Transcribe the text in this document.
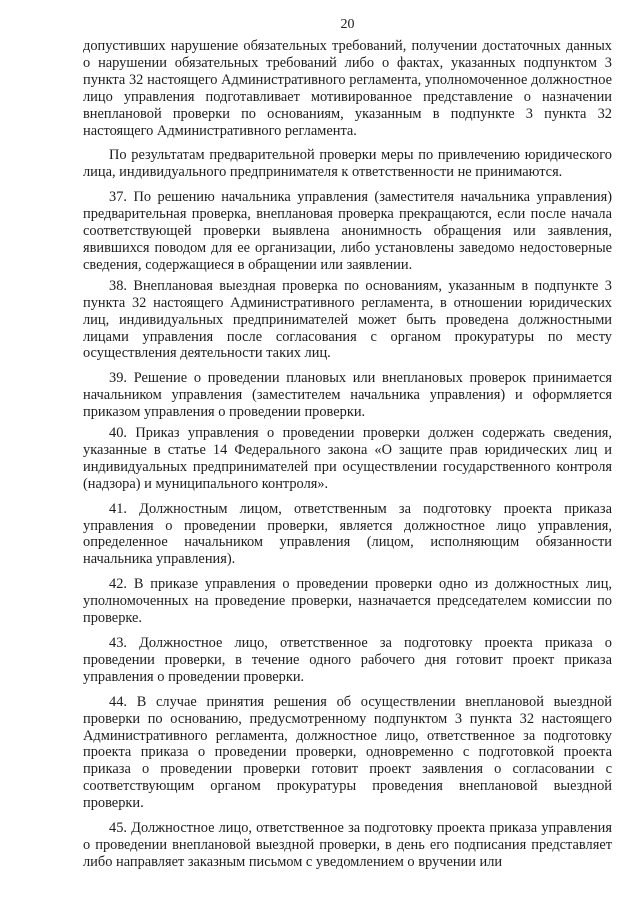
20

допустивших нарушение обязательных требований, получении достаточных данных о нарушении обязательных требований либо о фактах, указанных подпунктом 3 пункта 32 настоящего Административного регламента, уполномоченное должностное лицо управления подготавливает мотивированное представление о назначении внеплановой проверки по основаниям, указанным в подпункте 3 пункта 32 настоящего Административного регламента.

По результатам предварительной проверки меры по привлечению юридического лица, индивидуального предпринимателя к ответственности не принимаются.

37. По решению начальника управления (заместителя начальника управления) предварительная проверка, внеплановая проверка прекращаются, если после начала соответствующей проверки выявлена анонимность обращения или заявления, явившихся поводом для ее организации, либо установлены заведомо недостоверные сведения, содержащиеся в обращении или заявлении.

38. Внеплановая выездная проверка по основаниям, указанным в подпункте 3 пункта 32 настоящего Административного регламента, в отношении юридических лиц, индивидуальных предпринимателей может быть проведена должностными лицами управления после согласования с органом прокуратуры по месту осуществления деятельности таких лиц.

39. Решение о проведении плановых или внеплановых проверок принимается начальником управления (заместителем начальника управления) и оформляется приказом управления о проведении проверки.

40. Приказ управления о проведении проверки должен содержать сведения, указанные в статье 14 Федерального закона «О защите прав юридических лиц и индивидуальных предпринимателей при осуществлении государственного контроля (надзора) и муниципального контроля».

41. Должностным лицом, ответственным за подготовку проекта приказа управления о проведении проверки, является должностное лицо управления, определенное начальником управления (лицом, исполняющим обязанности начальника управления).

42. В приказе управления о проведении проверки одно из должностных лиц, уполномоченных на проведение проверки, назначается председателем комиссии по проверке.

43. Должностное лицо, ответственное за подготовку проекта приказа о проведении проверки, в течение одного рабочего дня готовит проект приказа управления о проведении проверки.

44. В случае принятия решения об осуществлении внеплановой выездной проверки по основанию, предусмотренному подпунктом 3 пункта 32 настоящего Административного регламента, должностное лицо, ответственное за подготовку проекта приказа о проведении проверки, одновременно с подготовкой проекта приказа о проведении проверки готовит проект заявления о согласовании с соответствующим органом прокуратуры проведения внеплановой выездной проверки.

45. Должностное лицо, ответственное за подготовку проекта приказа управления о проведении внеплановой выездной проверки, в день его подписания представляет либо направляет заказным письмом с уведомлением о вручении или
